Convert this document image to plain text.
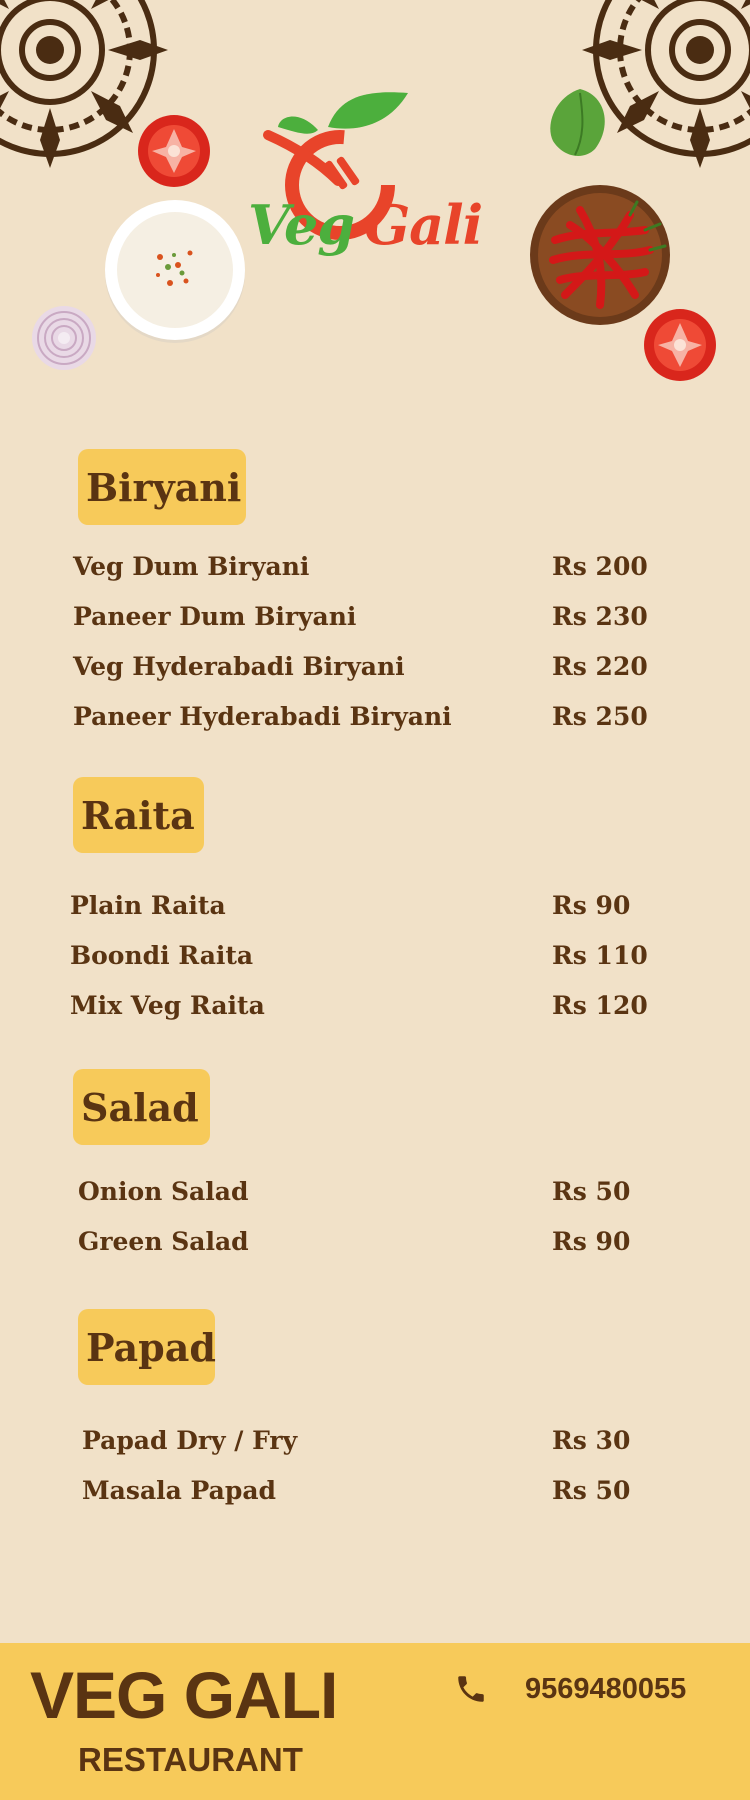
Veg Gali
Biryani
Veg Dum Biryani	Rs 200
Paneer Dum Biryani	Rs 230
Veg Hyderabadi Biryani	Rs 220
Paneer Hyderabadi Biryani	Rs 250
Raita
Plain Raita	Rs 90
Boondi Raita	Rs 110
Mix Veg Raita	Rs 120
Salad
Onion Salad	Rs 50
Green Salad	Rs 90
Papad
Papad Dry / Fry	Rs 30
Masala Papad	Rs 50
VEG GALI
RESTAURANT
9569480055
